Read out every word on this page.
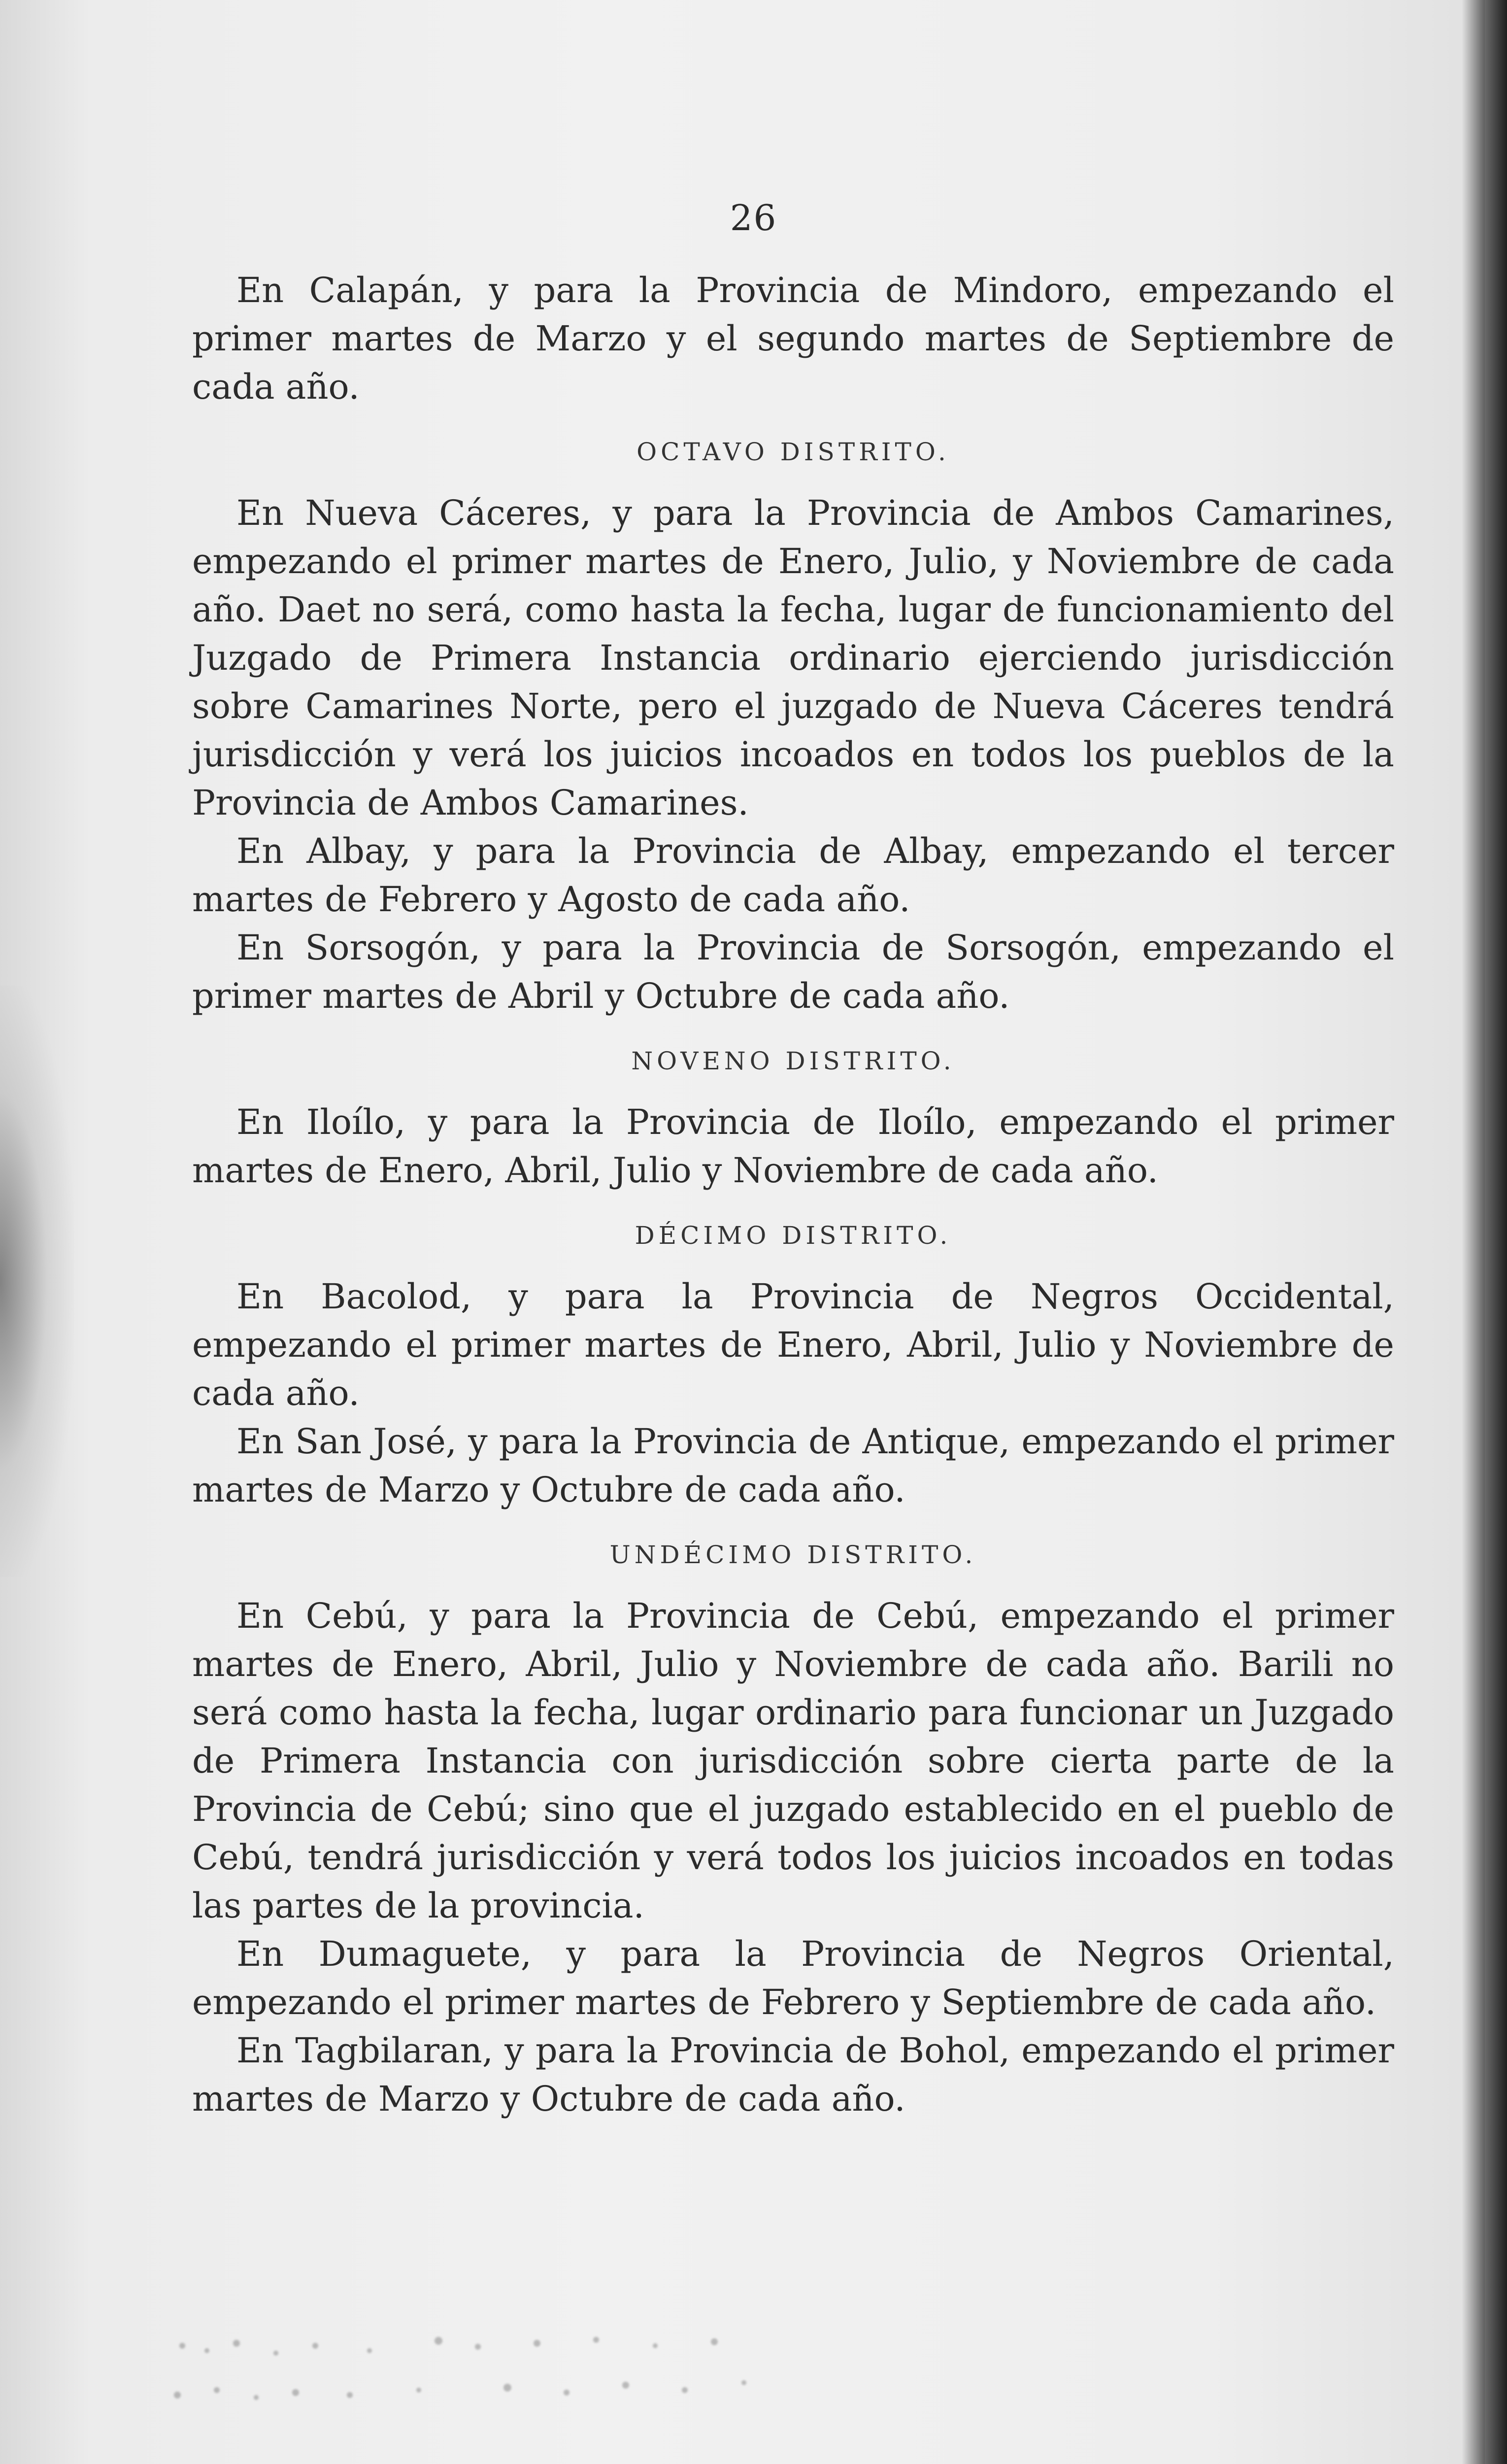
26

En Calapán, y para la Provincia de Mindoro, empezando el primer martes de Marzo y el segundo martes de Septiembre de cada año.

OCTAVO DISTRITO.

En Nueva Cáceres, y para la Provincia de Ambos Camarines, empezando el primer martes de Enero, Julio, y Noviembre de cada año. Daet no será, como hasta la fecha, lugar de funcionamiento del Juzgado de Primera Instancia ordinario ejerciendo jurisdicción sobre Camarines Norte, pero el juzgado de Nueva Cáceres tendrá jurisdicción y verá los juicios incoados en todos los pueblos de la Provincia de Ambos Camarines.

En Albay, y para la Provincia de Albay, empezando el tercer martes de Febrero y Agosto de cada año.

En Sorsogón, y para la Provincia de Sorsogón, empezando el primer martes de Abril y Octubre de cada año.

NOVENO DISTRITO.

En Iloílo, y para la Provincia de Iloílo, empezando el primer martes de Enero, Abril, Julio y Noviembre de cada año.

DÉCIMO DISTRITO.

En Bacolod, y para la Provincia de Negros Occidental, empezando el primer martes de Enero, Abril, Julio y Noviembre de cada año.

En San José, y para la Provincia de Antique, empezando el primer martes de Marzo y Octubre de cada año.

UNDÉCIMO DISTRITO.

En Cebú, y para la Provincia de Cebú, empezando el primer martes de Enero, Abril, Julio y Noviembre de cada año. Barili no será como hasta la fecha, lugar ordinario para funcionar un Juzgado de Primera Instancia con jurisdicción sobre cierta parte de la Provincia de Cebú; sino que el juzgado establecido en el pueblo de Cebú, tendrá jurisdicción y verá todos los juicios incoados en todas las partes de la provincia.

En Dumaguete, y para la Provincia de Negros Oriental, empezando el primer martes de Febrero y Septiembre de cada año.

En Tagbilaran, y para la Provincia de Bohol, empezando el primer martes de Marzo y Octubre de cada año.
